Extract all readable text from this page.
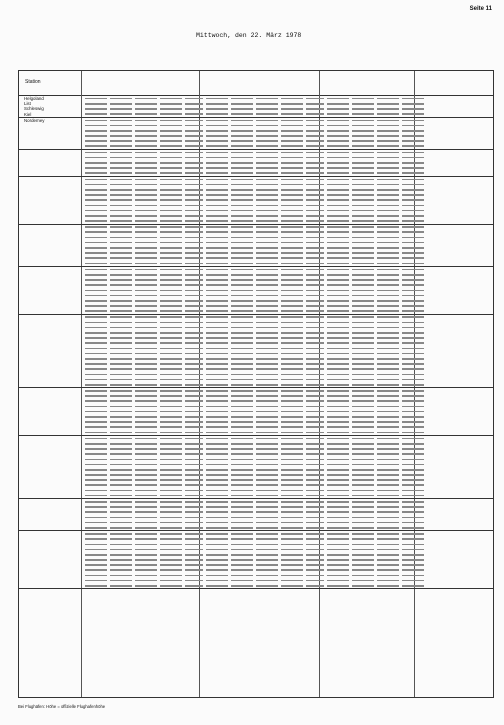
Seite 11
Mittwoch, den 22. März 1978
Station
Helgoland
List
Schleswig
Kiel
Norderney
Bei Flughäfen: Höhe = offizielle Flughafenhöhe
